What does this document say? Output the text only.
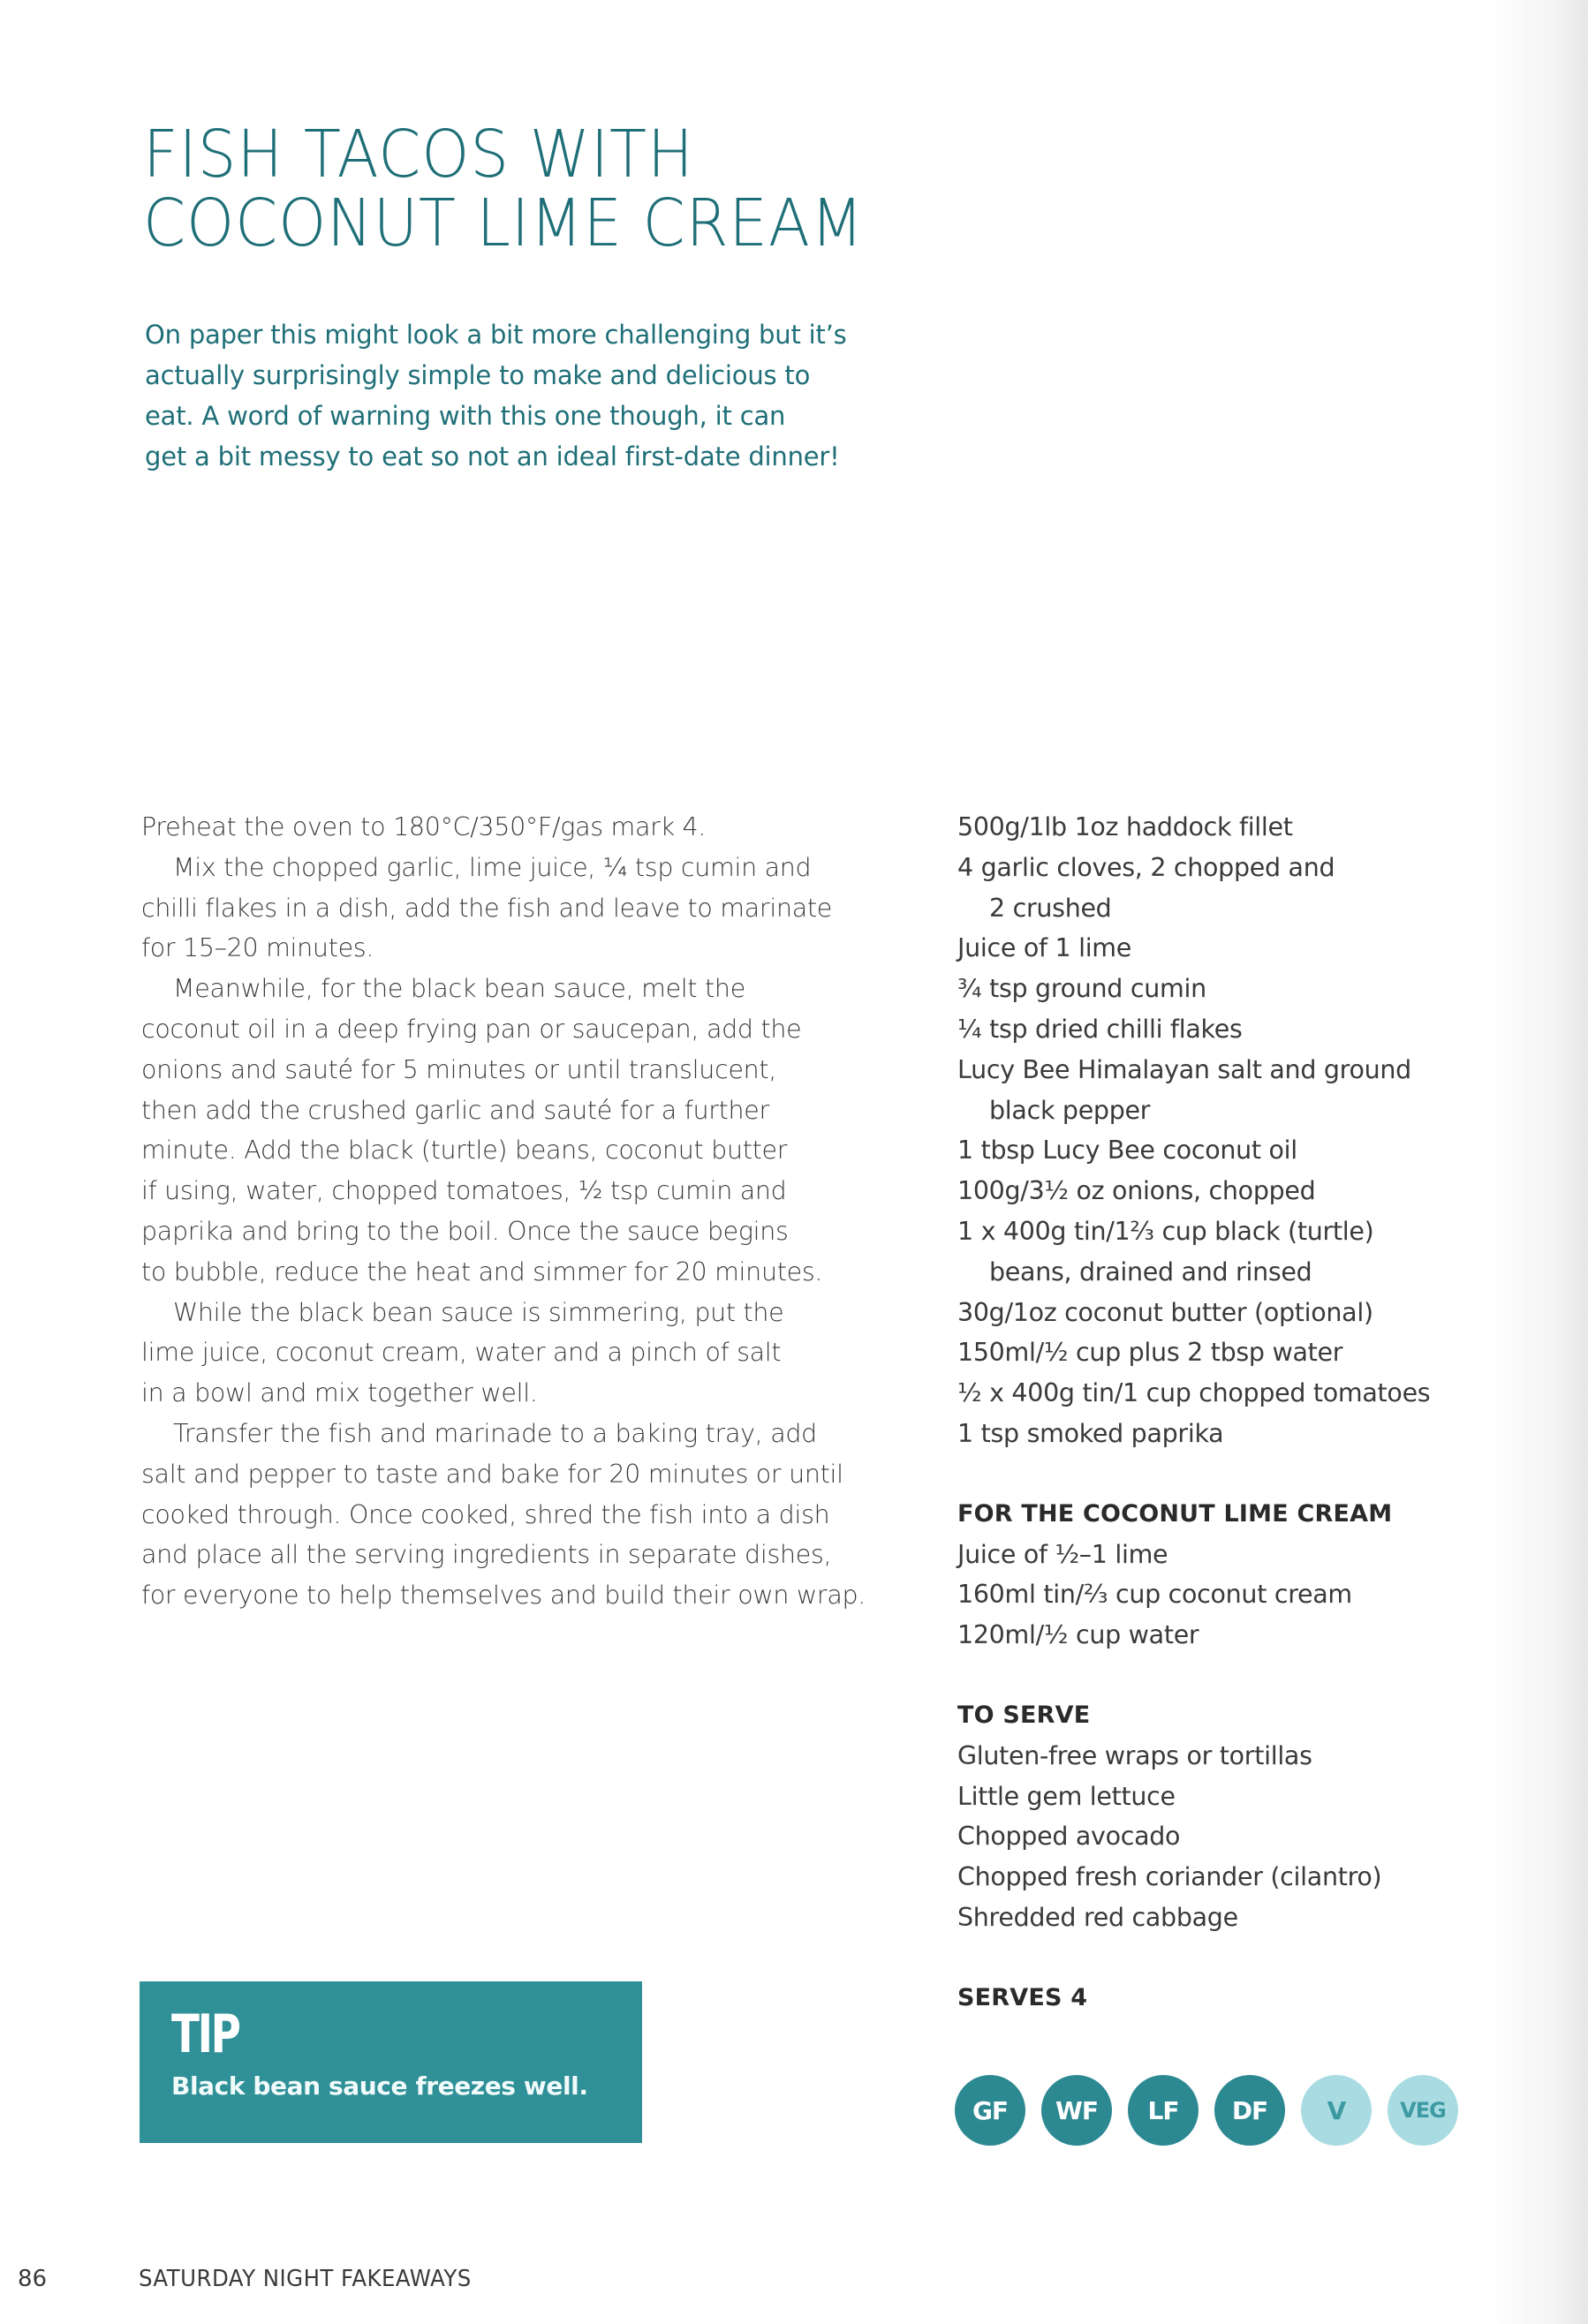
FISH TACOS WITH
COCONUT LIME CREAM

On paper this might look a bit more challenging but it’s
actually surprisingly simple to make and delicious to
eat. A word of warning with this one though, it can
get a bit messy to eat so not an ideal first-date dinner!

Preheat the oven to 180°C/350°F/gas mark 4.
Mix the chopped garlic, lime juice, ¼ tsp cumin and
chilli flakes in a dish, add the fish and leave to marinate
for 15–20 minutes.
Meanwhile, for the black bean sauce, melt the
coconut oil in a deep frying pan or saucepan, add the
onions and sauté for 5 minutes or until translucent,
then add the crushed garlic and sauté for a further
minute. Add the black (turtle) beans, coconut butter
if using, water, chopped tomatoes, ½ tsp cumin and
paprika and bring to the boil. Once the sauce begins
to bubble, reduce the heat and simmer for 20 minutes.
While the black bean sauce is simmering, put the
lime juice, coconut cream, water and a pinch of salt
in a bowl and mix together well.
Transfer the fish and marinade to a baking tray, add
salt and pepper to taste and bake for 20 minutes or until
cooked through. Once cooked, shred the fish into a dish
and place all the serving ingredients in separate dishes,
for everyone to help themselves and build their own wrap.
500g/1lb 1oz haddock fillet
4 garlic cloves, 2 chopped and
2 crushed
Juice of 1 lime
¾ tsp ground cumin
¼ tsp dried chilli flakes
Lucy Bee Himalayan salt and ground
black pepper
1 tbsp Lucy Bee coconut oil
100g/3½ oz onions, chopped
1 x 400g tin/1⅔ cup black (turtle)
beans, drained and rinsed
30g/1oz coconut butter (optional)
150ml/½ cup plus 2 tbsp water
½ x 400g tin/1 cup chopped tomatoes
1 tsp smoked paprika
FOR THE COCONUT LIME CREAM
Juice of ½–1 lime
160ml tin/⅔ cup coconut cream
120ml/½ cup water
TO SERVE
Gluten-free wraps or tortillas
Little gem lettuce
Chopped avocado
Chopped fresh coriander (cilantro)
Shredded red cabbage
SERVES 4
GF	WF	LF	DF	V	VEG
TIP
Black bean sauce freezes well.
86	SATURDAY NIGHT FAKEAWAYS
